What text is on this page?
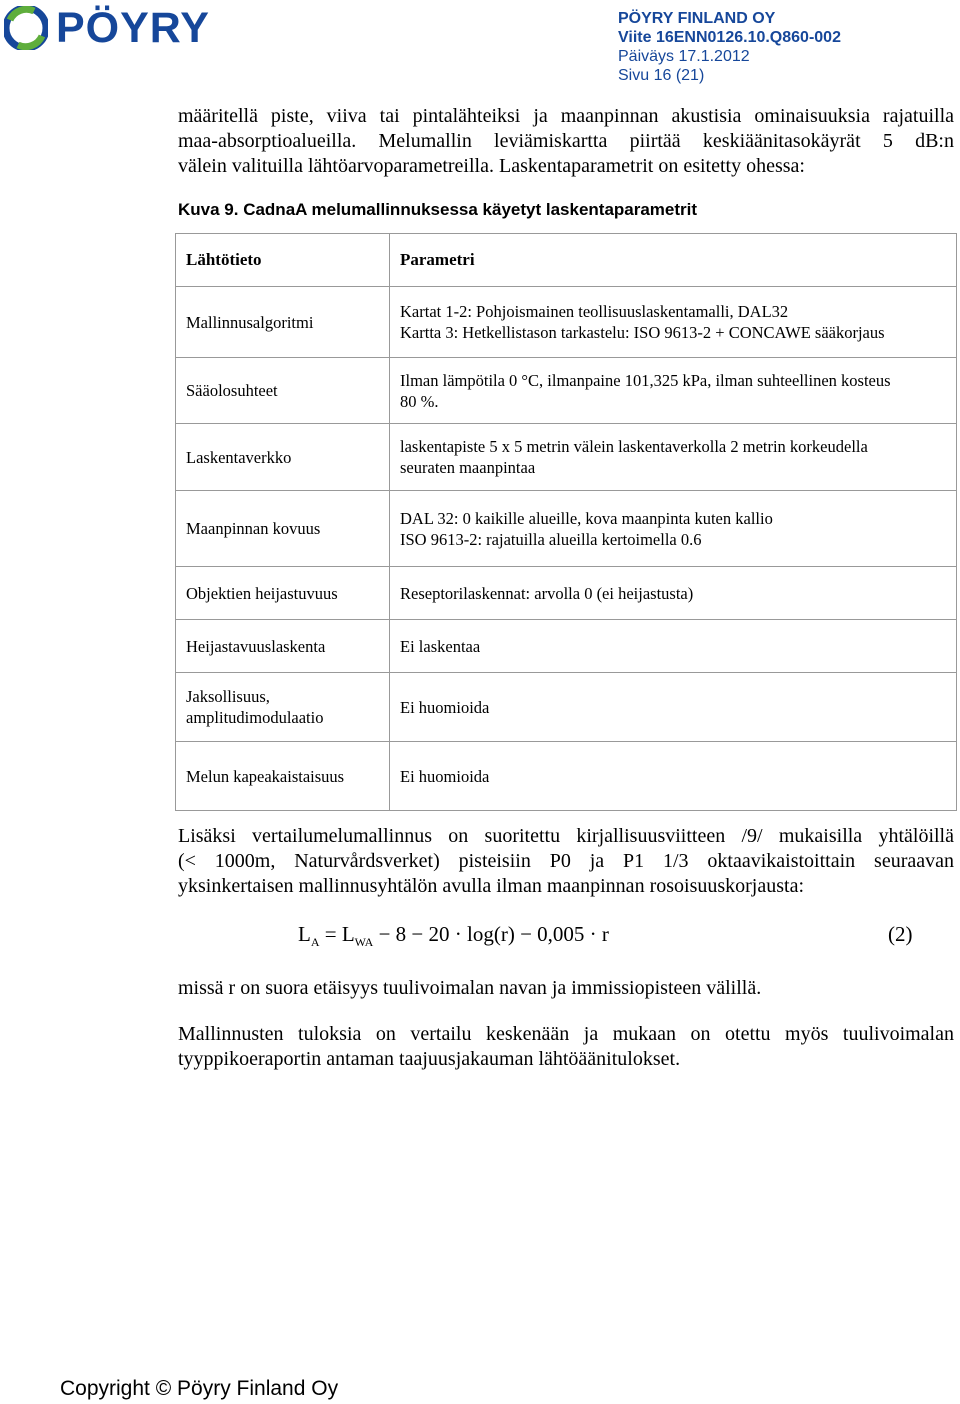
PÖYRY	PÖYRY FINLAND OY
Viite 16ENN0126.10.Q860-002
Päiväys 17.1.2012
Sivu 16 (21)
määritellä piste, viiva tai pintalähteiksi ja maanpinnan akustisia ominaisuuksia rajatuilla
maa-absorptioalueilla. Melumallin leviämiskartta piirtää keskiäänitasokäyrät 5 dB:n
välein valituilla lähtöarvoparametreilla. Laskentaparametrit on esitetty ohessa:
Kuva 9. CadnaA melumallinnuksessa käyetyt laskentaparametrit
Lähtötieto	Parametri
Mallinnusalgoritmi	Kartat 1-2: Pohjoismainen teollisuuslaskentamalli, DAL32
Kartta 3: Hetkellistason tarkastelu: ISO 9613-2 + CONCAWE sääkorjaus

Sääolosuhteet	Ilman lämpötila 0 °C, ilmanpaine 101,325 kPa, ilman suhteellinen kosteus
80 %.

Laskentaverkko	laskentapiste 5 x 5 metrin välein laskentaverkolla 2 metrin korkeudella
seuraten maanpintaa

Maanpinnan kovuus	DAL 32: 0 kaikille alueille, kova maanpinta kuten kallio
ISO 9613-2: rajatuilla alueilla kertoimella 0.6

Objektien heijastuvuus	Reseptorilaskennat: arvolla 0 (ei heijastusta)
Heijastavuuslaskenta	Ei laskentaa

Jaksollisuus,
amplitudimodulaatio	Ei huomioida
Melun kapeakaistaisuus	Ei huomioida
Lisäksi vertailumelumallinnus on suoritettu kirjallisuusviitteen /9/ mukaisilla yhtälöillä
(< 1000m, Naturvårdsverket) pisteisiin P0 ja P1 1/3 oktaavikaistoittain seuraavan
yksinkertaisen mallinnusyhtälön avulla ilman maanpinnan rosoisuuskorjausta:
$L_A = L_{WA} - 8 - 20 \cdot \log(r) - 0,005 \cdot r$	(2)
missä r on suora etäisyys tuulivoimalan navan ja immissiopisteen välillä.
Mallinnusten tuloksia on vertailu keskenään ja mukaan on otettu myös tuulivoimalan
tyyppikoeraportin antaman taajuusjakauman lähtöäänitulokset.
Copyright © Pöyry Finland Oy
